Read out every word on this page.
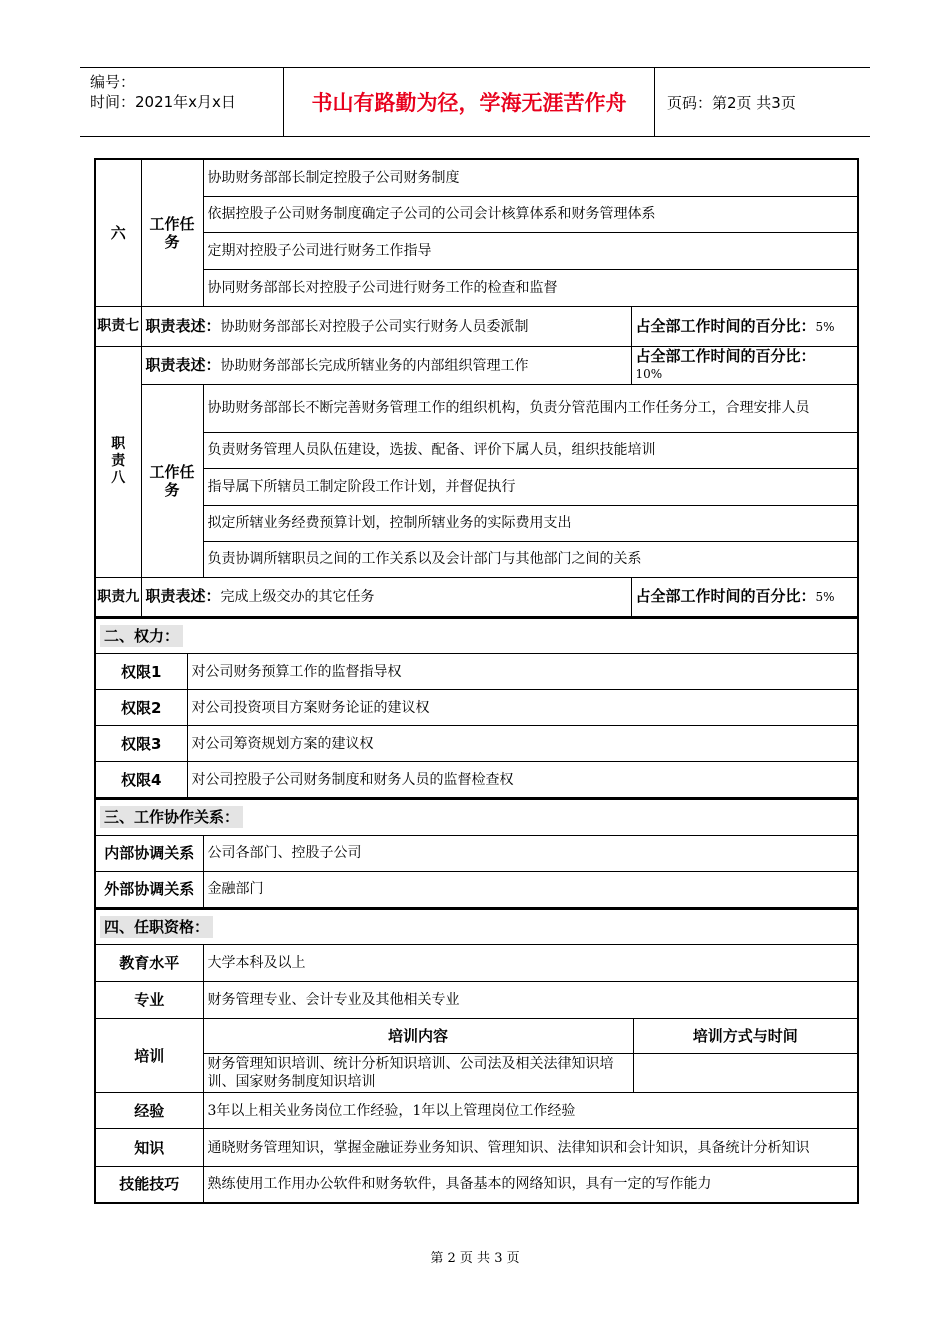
编号：
时间：2021年x月x日	书山有路勤为径，学海无涯苦作舟	页码：第2页 共3页
六	工作任务	协助财务部部长制定控股子公司财务制度	
		依据控股子公司财务制度确定子公司的公司会计核算体系和财务管理体系	
		定期对控股子公司进行财务工作指导	
		协同财务部部长对控股子公司进行财务工作的检查和监督	
职责七	职责表述：协助财务部部长对控股子公司实行财务人员委派制		占全部工作时间的百分比：5%
职责八	职责表述：协助财务部部长完成所辖业务的内部组织管理工作		占全部工作时间的百分比：
10%
	工作任务	协助财务部部长不断完善财务管理工作的组织机构，负责分管范围内工作任务分工，合理安排人员	
		负责财务管理人员队伍建设，选拔、配备、评价下属人员，组织技能培训	
		指导属下所辖员工制定阶段工作计划，并督促执行	
		拟定所辖业务经费预算计划，控制所辖业务的实际费用支出	
		负责协调所辖职员之间的工作关系以及会计部门与其他部门之间的关系	
职责九	职责表述：完成上级交办的其它任务		占全部工作时间的百分比：5%
二、权力：	
权限1	对公司财务预算工作的监督指导权
权限2	对公司投资项目方案财务论证的建议权
权限3	对公司筹资规划方案的建议权
权限4	对公司控股子公司财务制度和财务人员的监督检查权
三、工作协作关系：	
内部协调关系	公司各部门、控股子公司
外部协调关系	金融部门
四、任职资格：		
教育水平	大学本科及以上	
专业	财务管理专业、会计专业及其他相关专业	
培训	培训内容	培训方式与时间
	财务管理知识培训、统计分析知识培训、公司法及相关法律知识培训、国家财务制度知识培训	
经验	3年以上相关业务岗位工作经验，1年以上管理岗位工作经验	
知识	通晓财务管理知识，掌握金融证券业务知识、管理知识、法律知识和会计知识，具备统计分析知识	
技能技巧	熟练使用工作用办公软件和财务软件，具备基本的网络知识，具有一定的写作能力	
第 2 页 共 3 页
